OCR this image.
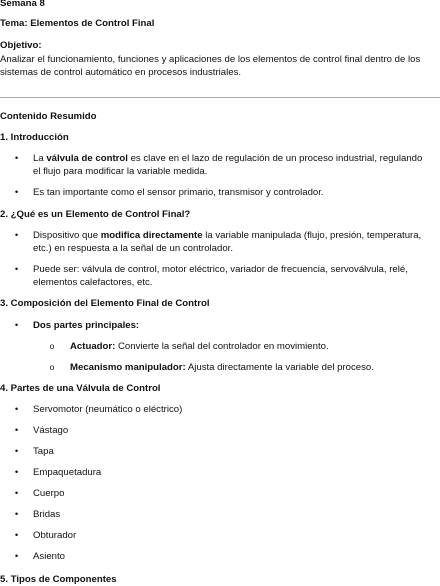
Semana 8
Tema: Elementos de Control Final
Objetivo:
Analizar el funcionamiento, funciones y aplicaciones de los elementos de control final dentro de los sistemas de control automático en procesos industriales.
Contenido Resumido
1. Introducción
•	La válvula de control es clave en el lazo de regulación de un proceso industrial, regulando el flujo para modificar la variable medida.
•	Es tan importante como el sensor primario, transmisor y controlador.
2. ¿Qué es un Elemento de Control Final?
•	Dispositivo que modifica directamente la variable manipulada (flujo, presión, temperatura, etc.) en respuesta a la señal de un controlador.
•	Puede ser: válvula de control, motor eléctrico, variador de frecuencia, servoválvula, relé, elementos calefactores, etc.
3. Composición del Elemento Final de Control
•	Dos partes principales:
o	Actuador: Convierte la señal del controlador en movimiento.
o	Mecanismo manipulador: Ajusta directamente la variable del proceso.
4. Partes de una Válvula de Control
•	Servomotor (neumático o eléctrico)
•	Vástago
•	Tapa
•	Empaquetadura
•	Cuerpo
•	Bridas
•	Obturador
•	Asiento
5. Tipos de Componentes
